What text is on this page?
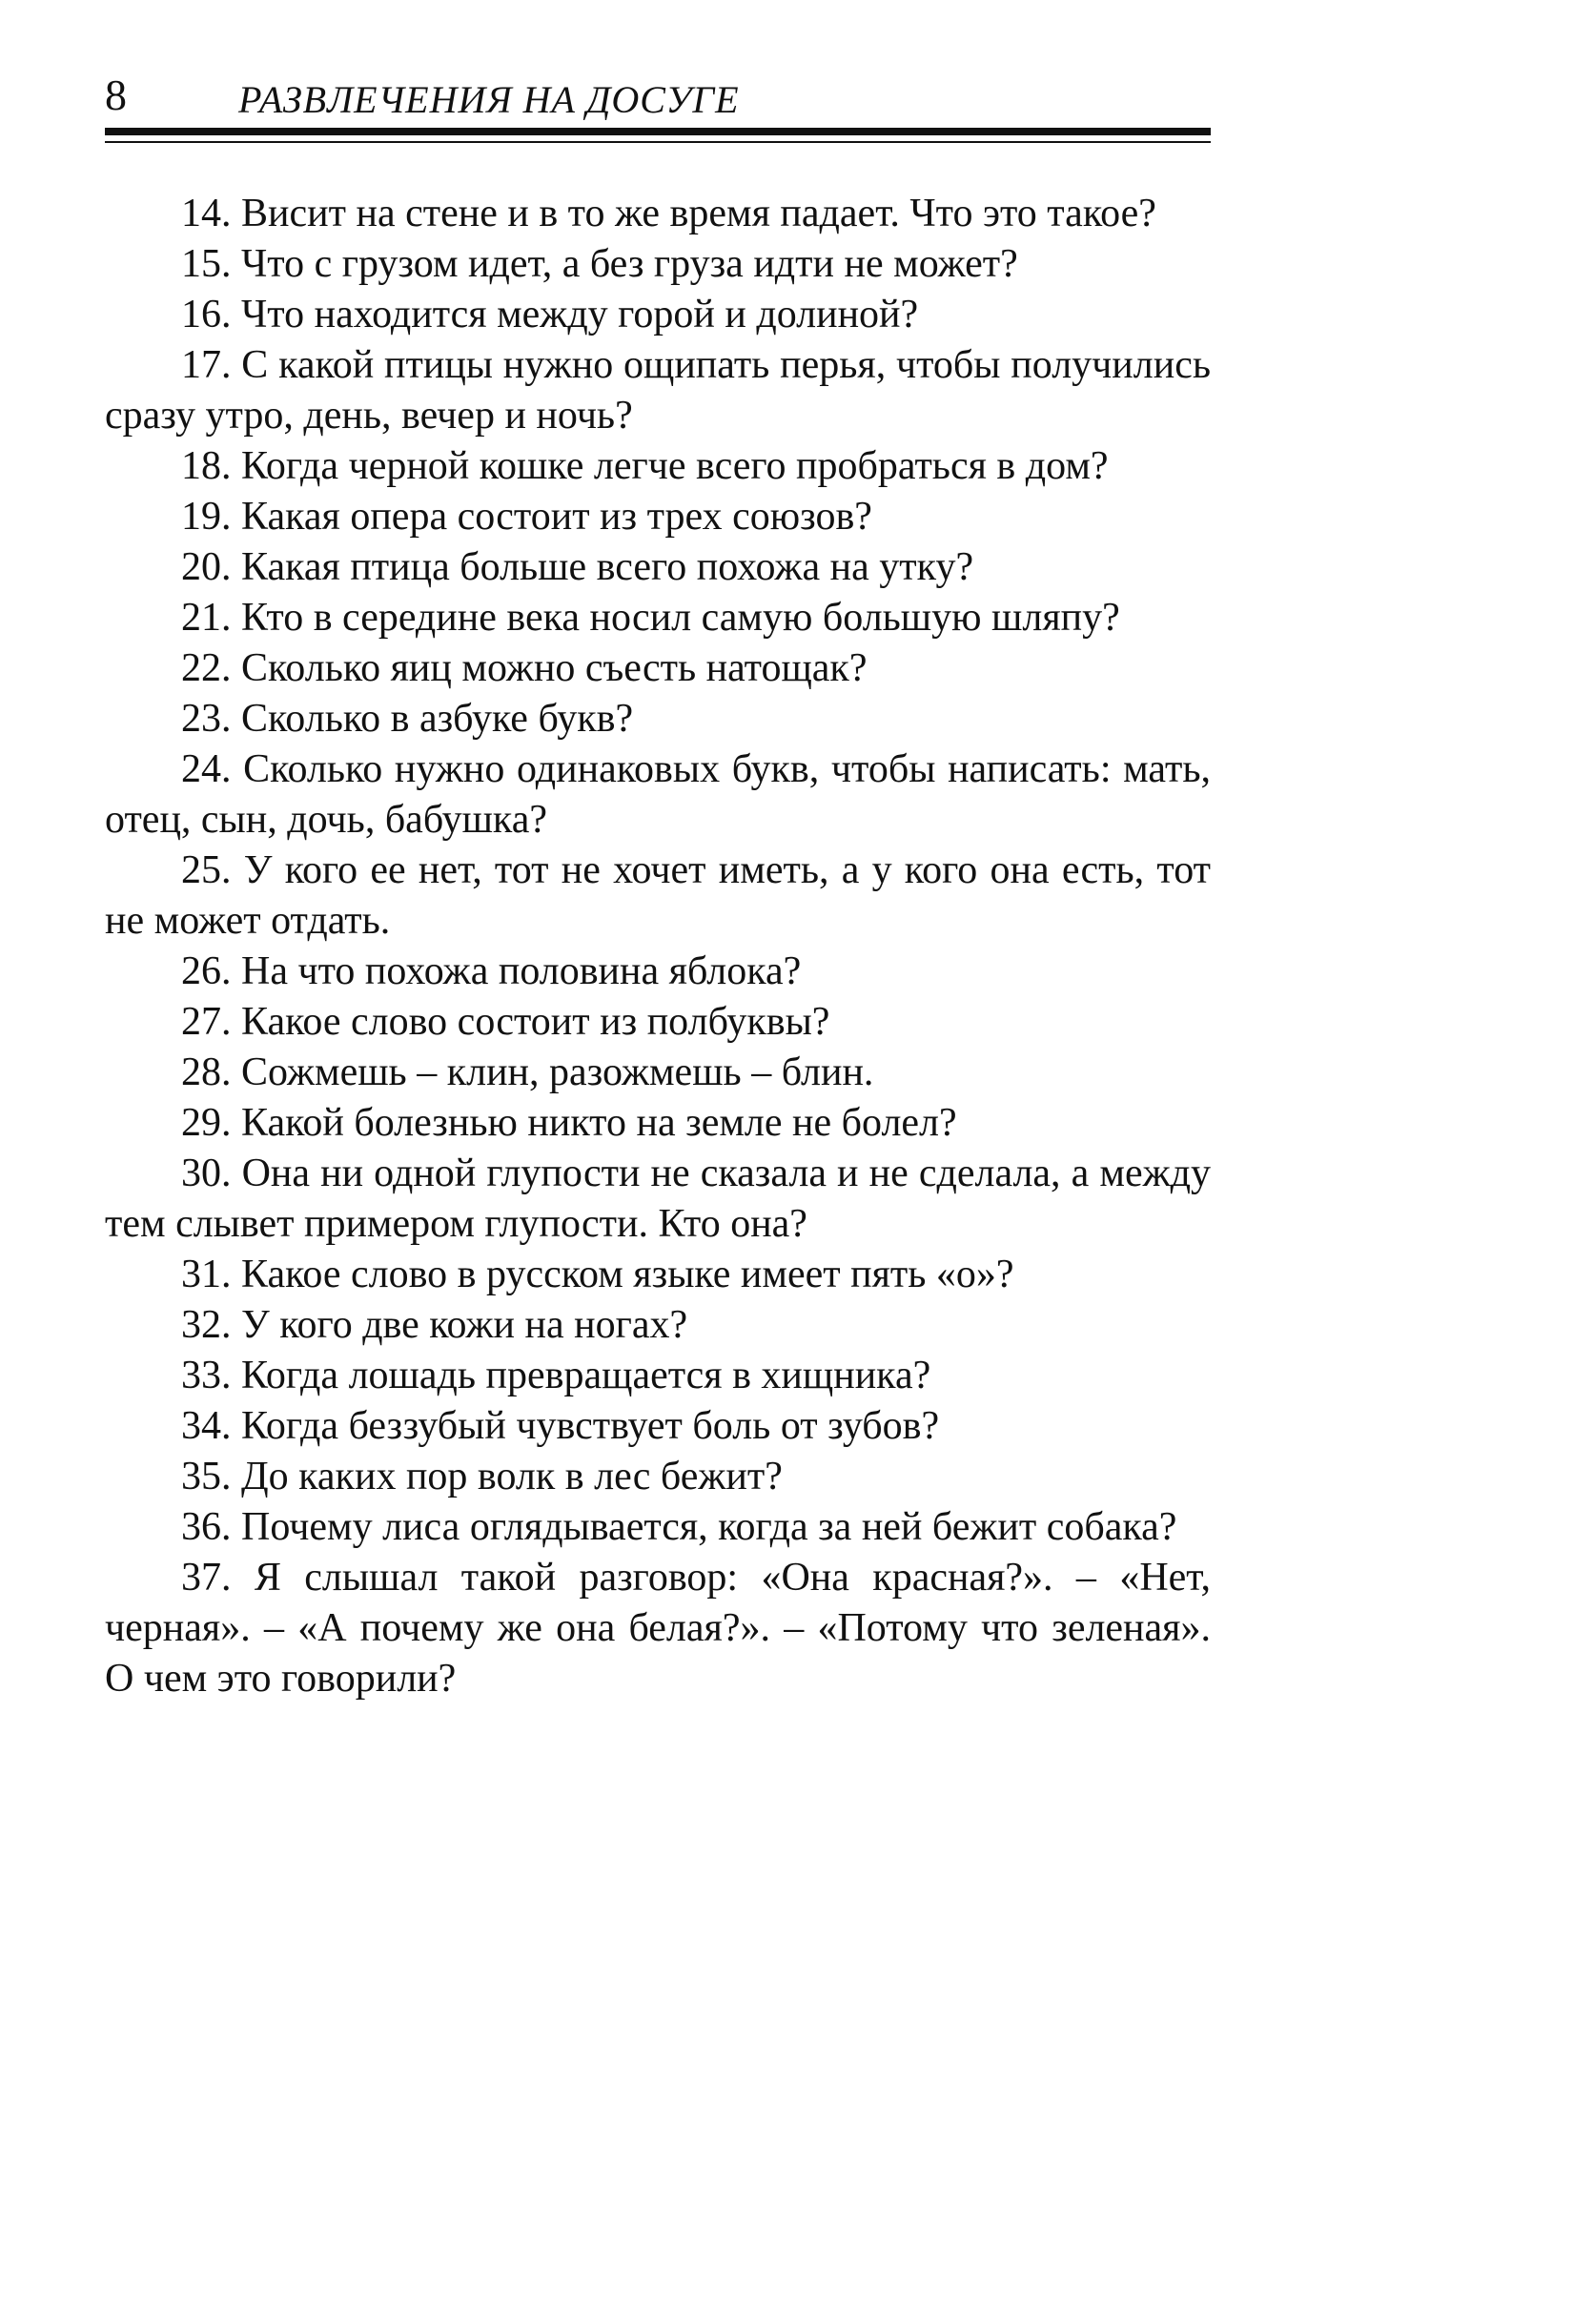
8	РАЗВЛЕЧЕНИЯ НА ДОСУГЕ

14. Висит на стене и в то же время падает. Что это такое?

15. Что с грузом идет, а без груза идти не может?

16. Что находится между горой и долиной?

17. С какой птицы нужно ощипать перья, чтобы получились сразу утро, день, вечер и ночь?

18. Когда черной кошке легче всего пробраться в дом?

19. Какая опера состоит из трех союзов?

20. Какая птица больше всего похожа на утку?

21. Кто в середине века носил самую большую шляпу?

22. Сколько яиц можно съесть натощак?

23. Сколько в азбуке букв?

24. Сколько нужно одинаковых букв, чтобы написать: мать, отец, сын, дочь, бабушка?

25. У кого ее нет, тот не хочет иметь, а у кого она есть, тот не может отдать.

26. На что похожа половина яблока?

27. Какое слово состоит из полбуквы?

28. Сожмешь – клин, разожмешь – блин.

29. Какой болезнью никто на земле не болел?

30. Она ни одной глупости не сказала и не сделала, а между тем слывет примером глупости. Кто она?

31. Какое слово в русском языке имеет пять «о»?

32. У кого две кожи на ногах?

33. Когда лошадь превращается в хищника?

34. Когда беззубый чувствует боль от зубов?

35. До каких пор волк в лес бежит?

36. Почему лиса оглядывается, когда за ней бежит собака?

37. Я слышал такой разговор: «Она красная?». – «Нет, черная». – «А почему же она белая?». – «Потому что зеленая». О чем это говорили?
